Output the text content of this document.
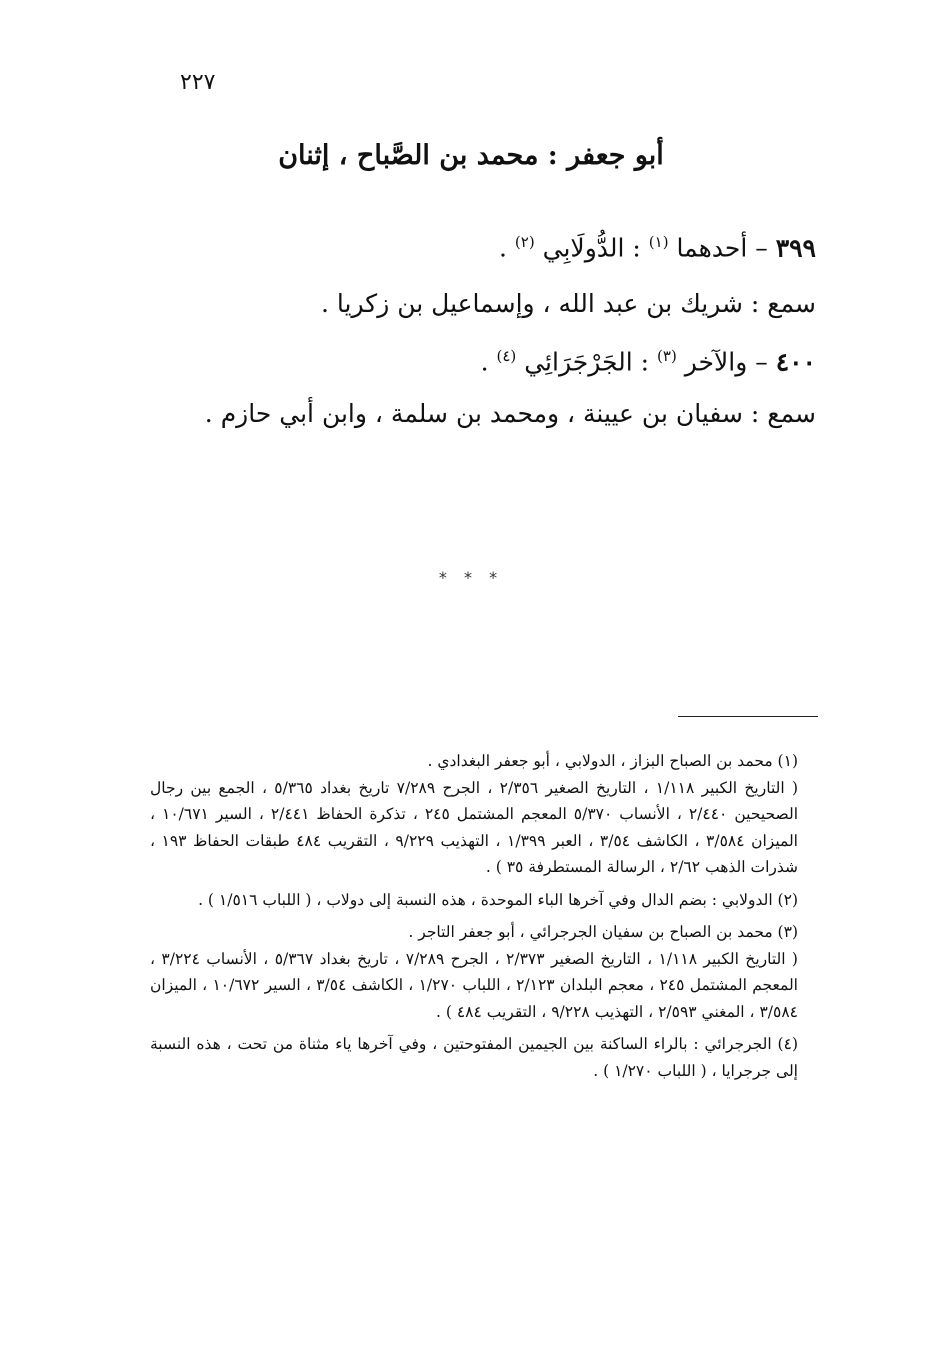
٢٢٧
أبو جعفر : محمد بن الصَّباح ، إثنان
٣٩٩ – أحدهما $^{(١)}$ : الدُّولَابِي $^{(٢)}$ .
سمع : شريك بن عبد الله ، وإسماعيل بن زكريا .
٤٠٠ – والآخر $^{(٣)}$ : الجَرْجَرَائِي $^{(٤)}$ .
سمع : سفيان بن عيينة ، ومحمد بن سلمة ، وابن أبي حازم .
* * *

(١) محمد بن الصباح البزاز ، الدولابي ، أبو جعفر البغدادي .

( التاريخ الكبير ١/١١٨ ، التاريخ الصغير ٢/٣٥٦ ، الجرح ٧/٢٨٩ تاريخ بغداد ٥/٣٦٥ ، الجمع بين رجال الصحيحين ٢/٤٤٠ ، الأنساب ٥/٣٧٠ المعجم المشتمل ٢٤٥ ، تذكرة الحفاظ ٢/٤٤١ ، السير ١٠/٦٧١ ، الميزان ٣/٥٨٤ ، الكاشف ٣/٥٤ ، العبر ١/٣٩٩ ، التهذيب ٩/٢٢٩ ، التقريب ٤٨٤ طبقات الحفاظ ١٩٣ ، شذرات الذهب ٢/٦٢ ، الرسالة المستطرفة ٣٥ ) .

(٢) الدولابي : بضم الدال وفي آخرها الباء الموحدة ، هذه النسبة إلى دولاب ، ( اللباب ١/٥١٦ ) .

(٣) محمد بن الصباح بن سفيان الجرجرائي ، أبو جعفر التاجر .

( التاريخ الكبير ١/١١٨ ، التاريخ الصغير ٢/٣٧٣ ، الجرح ٧/٢٨٩ ، تاريخ بغداد ٥/٣٦٧ ، الأنساب ٣/٢٢٤ ، المعجم المشتمل ٢٤٥ ، معجم البلدان ٢/١٢٣ ، اللباب ١/٢٧٠ ، الكاشف ٣/٥٤ ، السير ١٠/٦٧٢ ، الميزان ٣/٥٨٤ ، المغني ٢/٥٩٣ ، التهذيب ٩/٢٢٨ ، التقريب ٤٨٤ ) .

(٤) الجرجرائي : بالراء الساكنة بين الجيمين المفتوحتين ، وفي آخرها ياء مثناة من تحت ، هذه النسبة إلى جرجرايا ، ( اللباب ١/٢٧٠ ) .
